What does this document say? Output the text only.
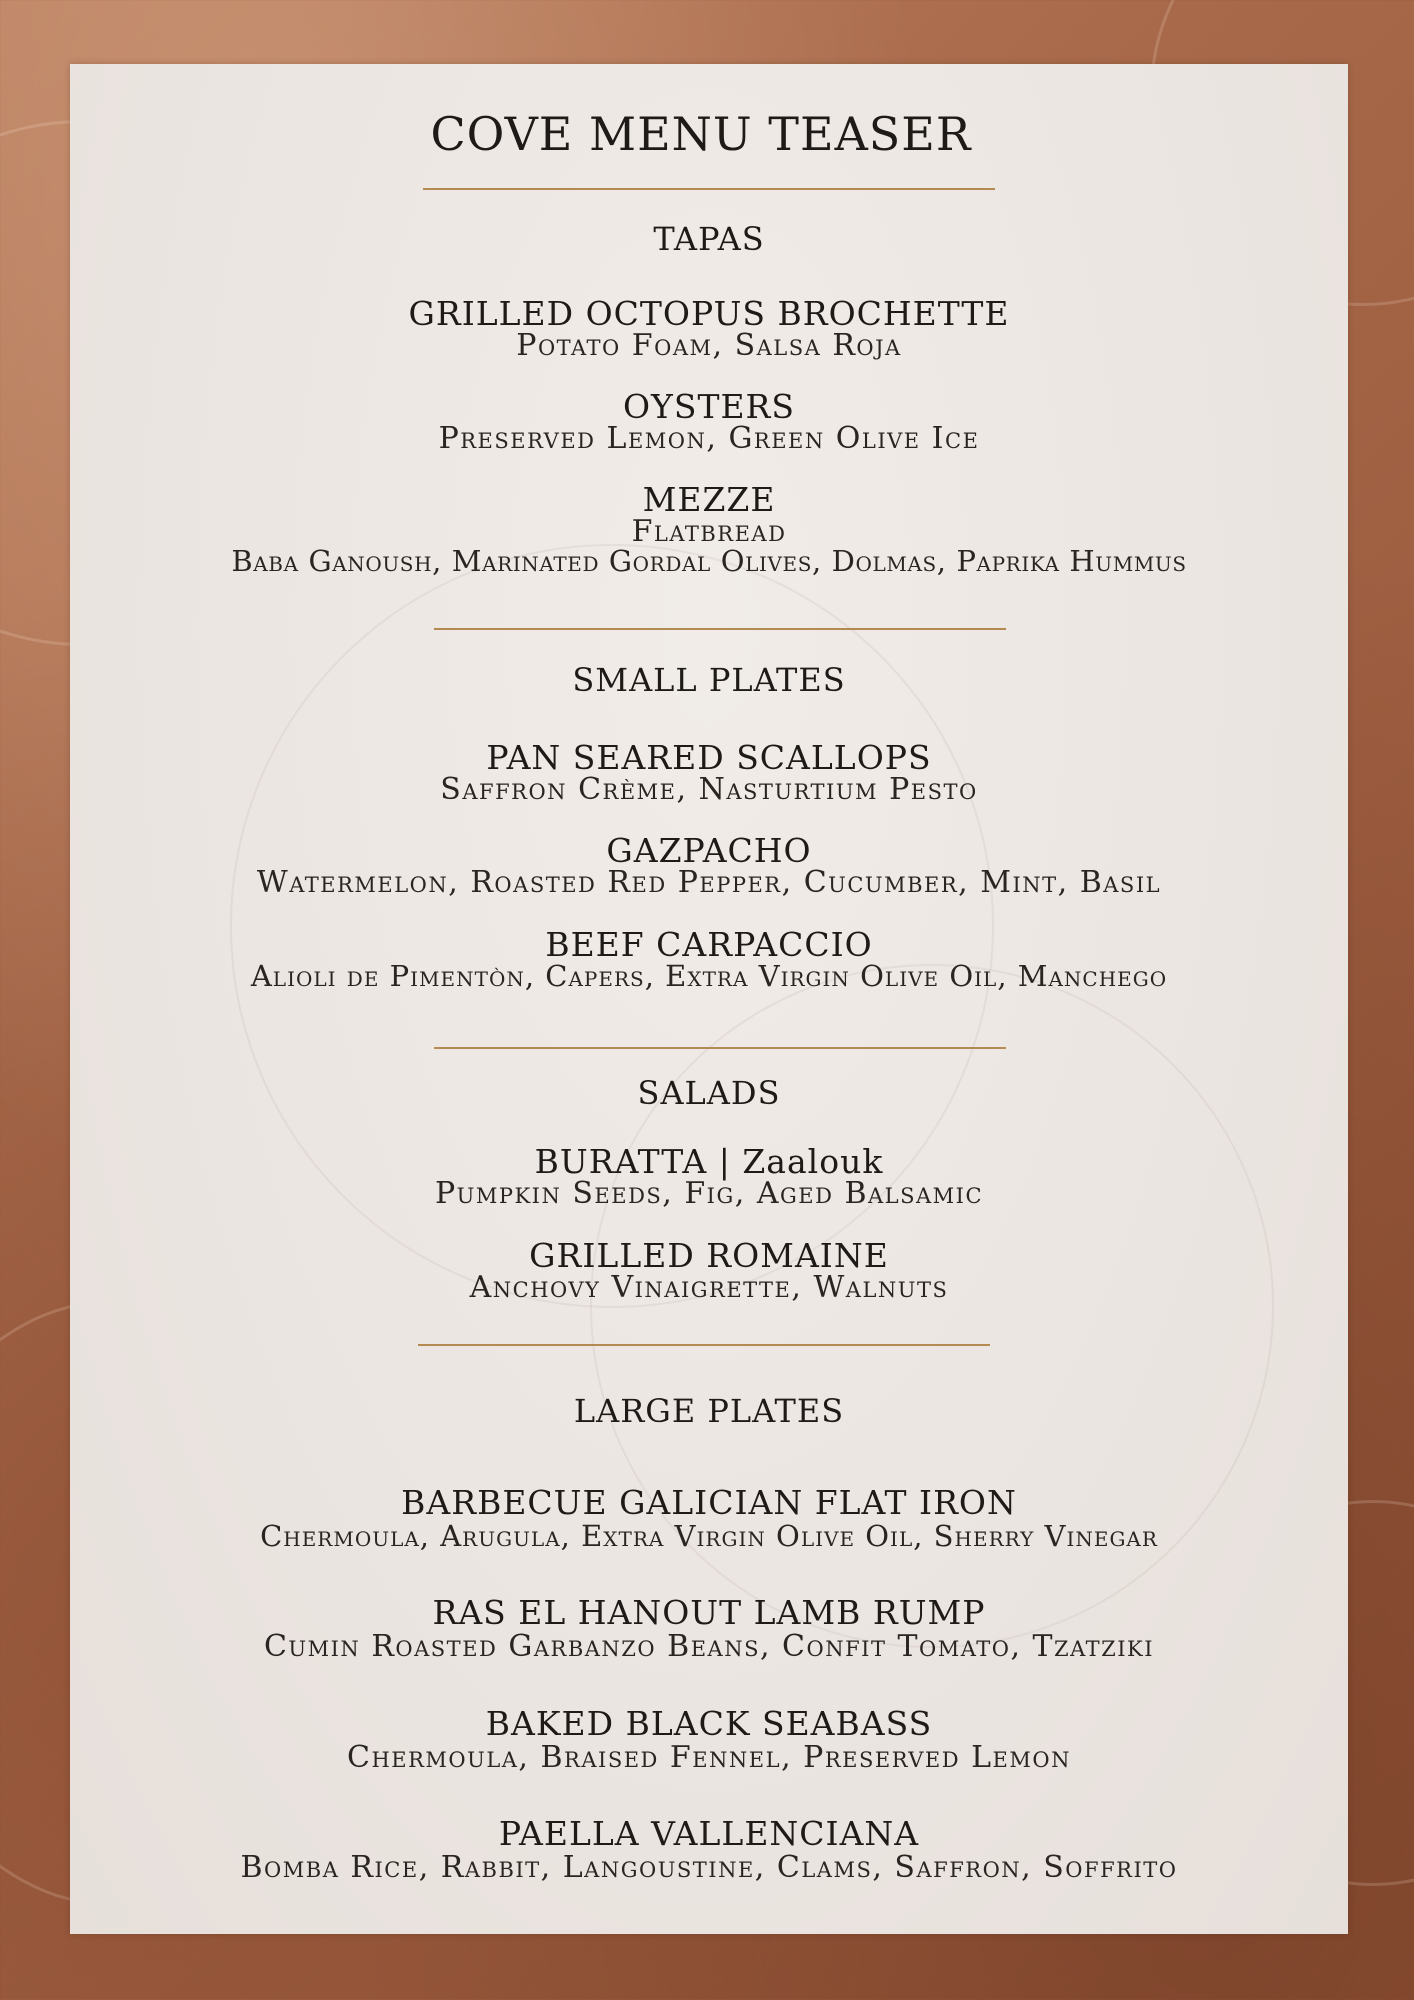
COVE MENU TEASER
TAPAS
GRILLED OCTOPUS BROCHETTE
Potato Foam, Salsa Roja
OYSTERS
Preserved Lemon, Green Olive Ice
MEZZE
Flatbread
Baba Ganoush, Marinated Gordal Olives, Dolmas, Paprika Hummus
SMALL PLATES
PAN SEARED SCALLOPS
Saffron Crème, Nasturtium Pesto
GAZPACHO
Watermelon, Roasted Red Pepper, Cucumber, Mint, Basil
BEEF CARPACCIO
Alioli de Pimentòn, Capers, Extra Virgin Olive Oil, Manchego
SALADS
BURATTA | Zaalouk
Pumpkin Seeds, Fig, Aged Balsamic
GRILLED ROMAINE
Anchovy Vinaigrette, Walnuts
LARGE PLATES
BARBECUE GALICIAN FLAT IRON
Chermoula, Arugula, Extra Virgin Olive Oil, Sherry Vinegar
RAS EL HANOUT LAMB RUMP
Cumin Roasted Garbanzo Beans, Confit Tomato, Tzatziki
BAKED BLACK SEABASS
Chermoula, Braised Fennel, Preserved Lemon
PAELLA VALLENCIANA
Bomba Rice, Rabbit, Langoustine, Clams, Saffron, Soffrito
